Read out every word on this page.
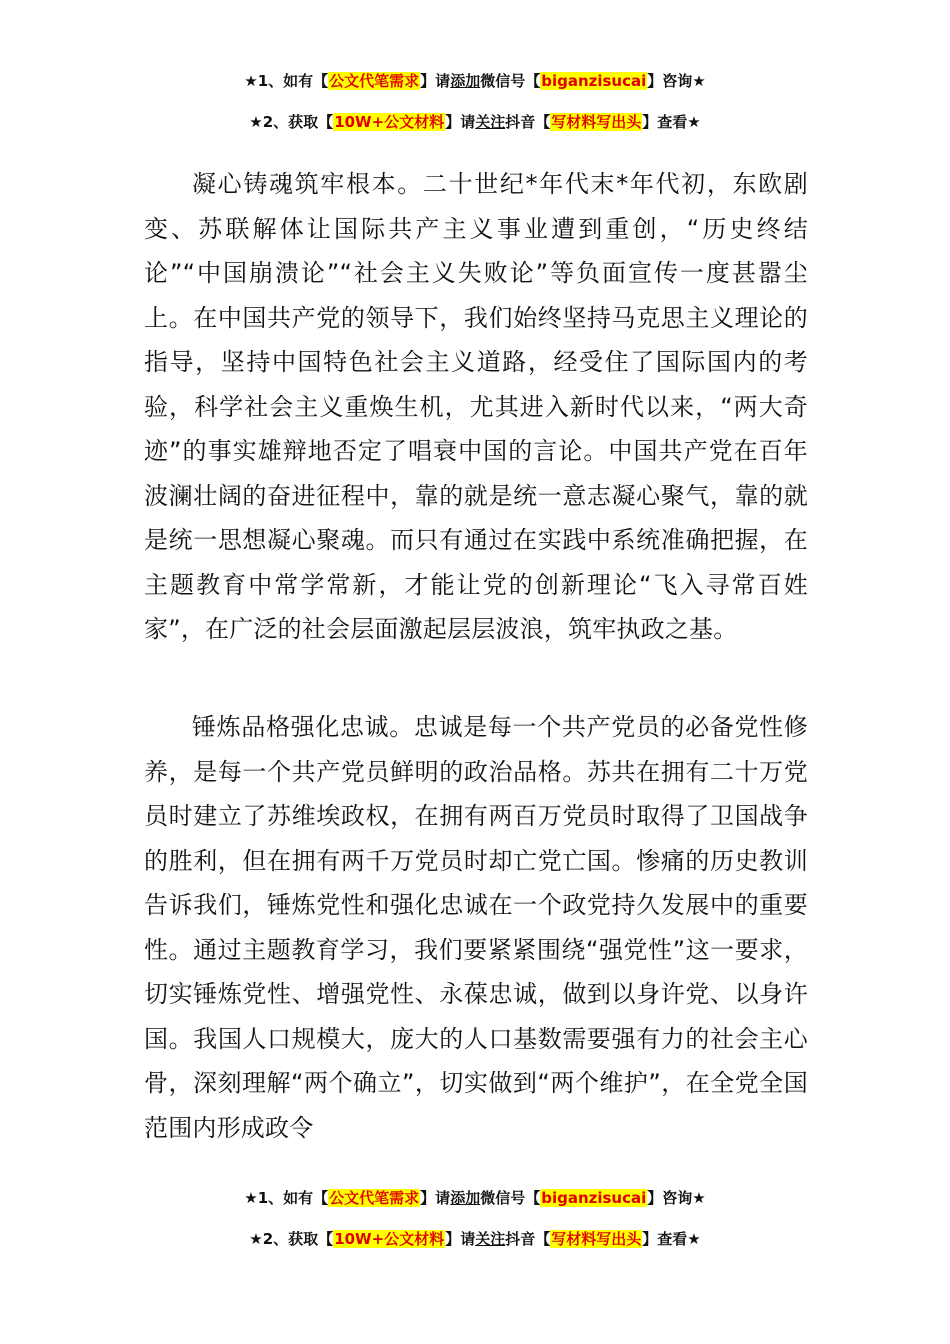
★1、如有【公文代笔需求】请添加微信号【biganzisucai】咨询★
★2、获取【10W+公文材料】请关注抖音【写材料写出头】查看★

凝心铸魂筑牢根本。二十世纪*年代末*年代初，东欧剧变、苏联解体让国际共产主义事业遭到重创，“历史终结论”“中国崩溃论”“社会主义失败论”等负面宣传一度甚嚣尘上。在中国共产党的领导下，我们始终坚持马克思主义理论的指导，坚持中国特色社会主义道路，经受住了国际国内的考验，科学社会主义重焕生机，尤其进入新时代以来，“两大奇迹”的事实雄辩地否定了唱衰中国的言论。中国共产党在百年波澜壮阔的奋进征程中，靠的就是统一意志凝心聚气，靠的就是统一思想凝心聚魂。而只有通过在实践中系统准确把握，在主题教育中常学常新，才能让党的创新理论“飞入寻常百姓家”，在广泛的社会层面激起层层波浪，筑牢执政之基。

锤炼品格强化忠诚。忠诚是每一个共产党员的必备党性修养，是每一个共产党员鲜明的政治品格。苏共在拥有二十万党员时建立了苏维埃政权，在拥有两百万党员时取得了卫国战争的胜利，但在拥有两千万党员时却亡党亡国。惨痛的历史教训告诉我们，锤炼党性和强化忠诚在一个政党持久发展中的重要性。通过主题教育学习，我们要紧紧围绕“强党性”这一要求，切实锤炼党性、增强党性、永葆忠诚，做到以身许党、以身许国。我国人口规模大，庞大的人口基数需要强有力的社会主心骨，深刻理解“两个确立”，切实做到“两个维护”，在全党全国范围内形成政令

★1、如有【公文代笔需求】请添加微信号【biganzisucai】咨询★
★2、获取【10W+公文材料】请关注抖音【写材料写出头】查看★
